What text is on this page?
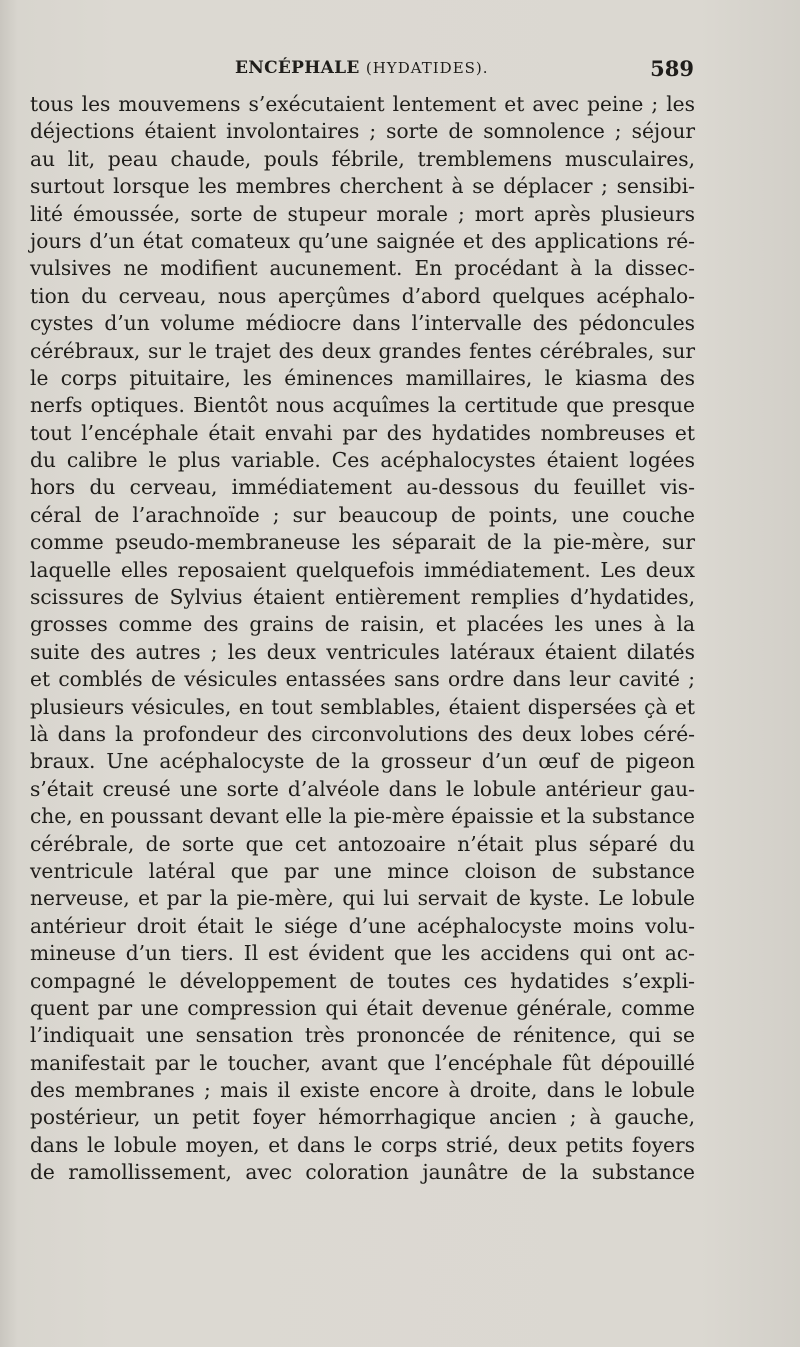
ENCÉPHALE (HYDATIDES).	589
tous les mouvemens s’exécutaient lentement et avec peine ; les
déjections étaient involontaires ; sorte de somnolence ; séjour
au lit, peau chaude, pouls fébrile, tremblemens musculaires,
surtout lorsque les membres cherchent à se déplacer ; sensibi-
lité émoussée, sorte de stupeur morale ; mort après plusieurs
jours d’un état comateux qu’une saignée et des applications ré-
vulsives ne modifient aucunement. En procédant à la dissec-
tion du cerveau, nous aperçûmes d’abord quelques acéphalo-
cystes d’un volume médiocre dans l’intervalle des pédoncules
cérébraux, sur le trajet des deux grandes fentes cérébrales, sur
le corps pituitaire, les éminences mamillaires, le kiasma des
nerfs optiques. Bientôt nous acquîmes la certitude que presque
tout l’encéphale était envahi par des hydatides nombreuses et
du calibre le plus variable. Ces acéphalocystes étaient logées
hors du cerveau, immédiatement au-dessous du feuillet vis-
céral de l’arachnoïde ; sur beaucoup de points, une couche
comme pseudo-membraneuse les séparait de la pie-mère, sur
laquelle elles reposaient quelquefois immédiatement. Les deux
scissures de Sylvius étaient entièrement remplies d’hydatides,
grosses comme des grains de raisin, et placées les unes à la
suite des autres ; les deux ventricules latéraux étaient dilatés
et comblés de vésicules entassées sans ordre dans leur cavité ;
plusieurs vésicules, en tout semblables, étaient dispersées çà et
là dans la profondeur des circonvolutions des deux lobes céré-
braux. Une acéphalocyste de la grosseur d’un œuf de pigeon
s’était creusé une sorte d’alvéole dans le lobule antérieur gau-
che, en poussant devant elle la pie-mère épaissie et la substance
cérébrale, de sorte que cet antozoaire n’était plus séparé du
ventricule latéral que par une mince cloison de substance
nerveuse, et par la pie-mère, qui lui servait de kyste. Le lobule
antérieur droit était le siége d’une acéphalocyste moins volu-
mineuse d’un tiers. Il est évident que les accidens qui ont ac-
compagné le développement de toutes ces hydatides s’expli-
quent par une compression qui était devenue générale, comme
l’indiquait une sensation très prononcée de rénitence, qui se
manifestait par le toucher, avant que l’encéphale fût dépouillé
des membranes ; mais il existe encore à droite, dans le lobule
postérieur, un petit foyer hémorrhagique ancien ; à gauche,
dans le lobule moyen, et dans le corps strié, deux petits foyers
de ramollissement, avec coloration jaunâtre de la substance
